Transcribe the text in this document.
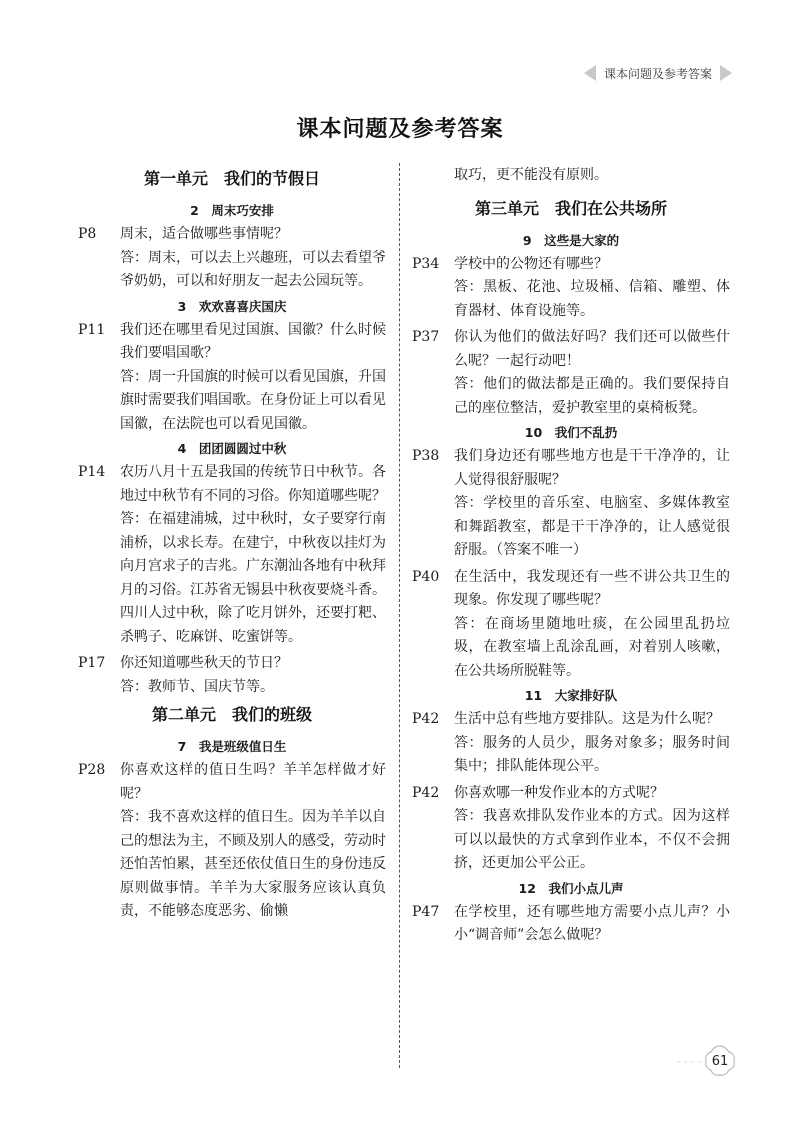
课本问题及参考答案
课本问题及参考答案
第一单元　我们的节假日
2　周末巧安排
P8	周末，适合做哪些事情呢？

答：周末，可以去上兴趣班，可以去看望爷爷奶奶，可以和好朋友一起去公园玩等。

3　欢欢喜喜庆国庆
P11	我们还在哪里看见过国旗、国徽？什么时候我们要唱国歌？

答：周一升国旗的时候可以看见国旗，升国旗时需要我们唱国歌。在身份证上可以看见国徽，在法院也可以看见国徽。

4　团团圆圆过中秋
P14	农历八月十五是我国的传统节日中秋节。各地过中秋节有不同的习俗。你知道哪些呢？

答：在福建浦城，过中秋时，女子要穿行南浦桥，以求长寿。在建宁，中秋夜以挂灯为向月宫求子的吉兆。广东潮汕各地有中秋拜月的习俗。江苏省无锡县中秋夜要烧斗香。四川人过中秋，除了吃月饼外，还要打粑、杀鸭子、吃麻饼、吃蜜饼等。

P17	你还知道哪些秋天的节日？

答：教师节、国庆节等。

第二单元　我们的班级
7　我是班级值日生
P28	你喜欢这样的值日生吗？羊羊怎样做才好呢？

答：我不喜欢这样的值日生。因为羊羊以自己的想法为主，不顾及别人的感受，劳动时还怕苦怕累，甚至还依仗值日生的身份违反原则做事情。羊羊为大家服务应该认真负责，不能够态度恶劣、偷懒

取巧，更不能没有原则。

第三单元　我们在公共场所
9　这些是大家的
P34	学校中的公物还有哪些？

答：黑板、花池、垃圾桶、信箱、雕塑、体育器材、体育设施等。

P37	你认为他们的做法好吗？我们还可以做些什么呢？一起行动吧！

答：他们的做法都是正确的。我们要保持自己的座位整洁，爱护教室里的桌椅板凳。

10　我们不乱扔
P38	我们身边还有哪些地方也是干干净净的，让人觉得很舒服呢？

答：学校里的音乐室、电脑室、多媒体教室和舞蹈教室，都是干干净净的，让人感觉很舒服。（答案不唯一）

P40	在生活中，我发现还有一些不讲公共卫生的现象。你发现了哪些呢？

答：在商场里随地吐痰，在公园里乱扔垃圾，在教室墙上乱涂乱画，对着别人咳嗽，在公共场所脱鞋等。

11　大家排好队
P42	生活中总有些地方要排队。这是为什么呢？

答：服务的人员少，服务对象多；服务时间集中；排队能体现公平。

P42	你喜欢哪一种发作业本的方式呢？

答：我喜欢排队发作业本的方式。因为这样可以以最快的方式拿到作业本，不仅不会拥挤，还更加公平公正。

12　我们小点儿声
P47	在学校里，还有哪些地方需要小点儿声？小小“调音师”会怎么做呢？

· · · · 61
